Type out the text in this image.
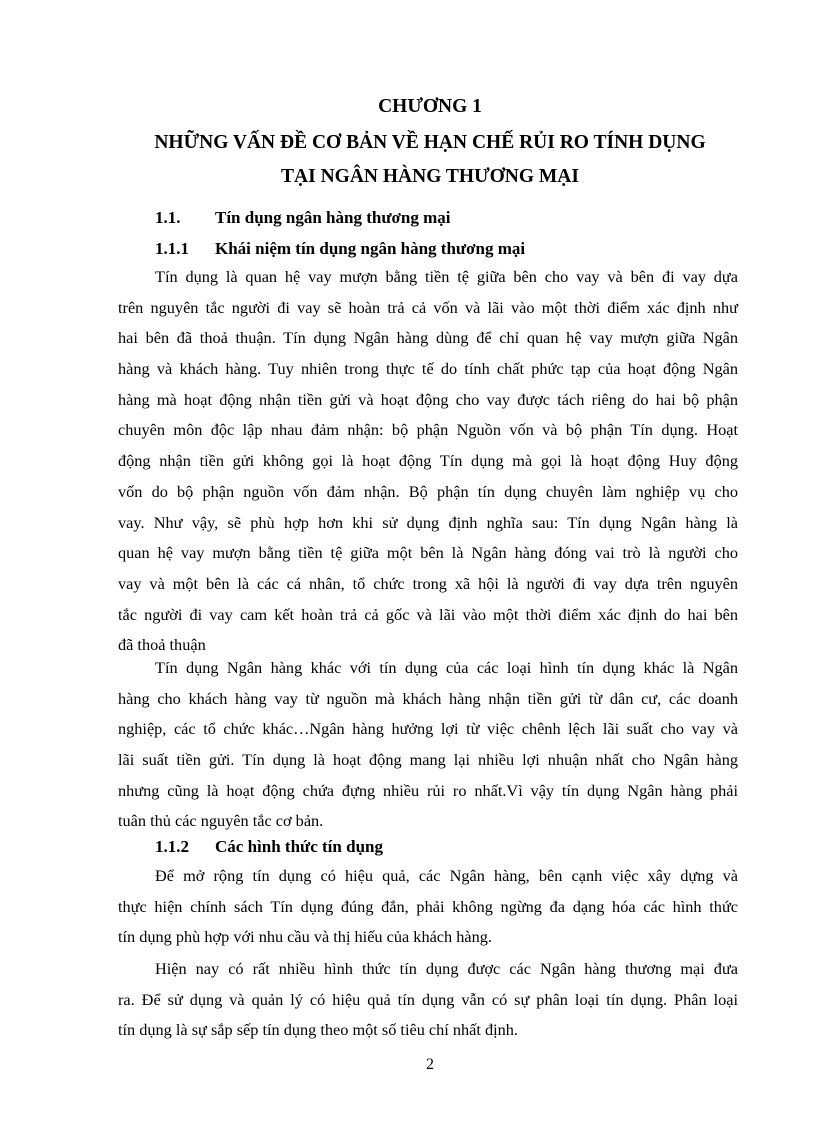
CHƯƠNG 1
NHỮNG VẤN ĐỀ CƠ BẢN VỀ HẠN CHẾ RỦI RO TÍNH DỤNG
TẠI NGÂN HÀNG THƯƠNG MẠI
1.1. Tín dụng ngân hàng thương mại
1.1.1 Khái niệm tín dụng ngân hàng thương mại
Tín dụng là quan hệ vay mượn bằng tiền tệ giữa bên cho vay và bên đi vay dựa
trên nguyên tắc người đi vay sẽ hoàn trả cả vốn và lãi vào một thời điểm xác định như
hai bên đã thoả thuận. Tín dụng Ngân hàng dùng để chỉ quan hệ vay mượn giữa Ngân
hàng và khách hàng. Tuy nhiên trong thực tế do tính chất phức tạp của hoạt động Ngân
hàng mà hoạt động nhận tiền gửi và hoạt động cho vay được tách riêng do hai bộ phận
chuyên môn độc lập nhau đảm nhận: bộ phận Nguồn vốn và bộ phận Tín dụng. Hoạt
động nhận tiền gửi không gọi là hoạt động Tín dụng mà gọi là hoạt động Huy động
vốn do bộ phận nguồn vốn đảm nhận. Bộ phận tín dụng chuyên làm nghiệp vụ cho
vay. Như vậy, sẽ phù hợp hơn khi sử dụng định nghĩa sau: Tín dụng Ngân hàng là
quan hệ vay mượn bằng tiền tệ giữa một bên là Ngân hàng đóng vai trò là người cho
vay và một bên là các cá nhân, tổ chức trong xã hội là người đi vay dựa trên nguyên
tắc người đi vay cam kết hoàn trả cả gốc và lãi vào một thời điểm xác định do hai bên
đã thoả thuận
Tín dụng Ngân hàng khác với tín dụng của các loại hình tín dụng khác là Ngân
hàng cho khách hàng vay từ nguồn mà khách hàng nhận tiền gửi từ dân cư, các doanh
nghiệp, các tổ chức khác…Ngân hàng hưởng lợi từ việc chênh lệch lãi suất cho vay và
lãi suất tiền gửi. Tín dụng là hoạt động mang lại nhiều lợi nhuận nhất cho Ngân hàng
nhưng cũng là hoạt động chứa đựng nhiều rủi ro nhất.Vì vậy tín dụng Ngân hàng phải
tuân thủ các nguyên tắc cơ bản.
1.1.2 Các hình thức tín dụng
Để mở rộng tín dụng có hiệu quả, các Ngân hàng, bên cạnh việc xây dựng và
thực hiện chính sách Tín dụng đúng đắn, phải không ngừng đa dạng hóa các hình thức
tín dụng phù hợp với nhu cầu và thị hiếu của khách hàng.
Hiện nay có rất nhiều hình thức tín dụng được các Ngân hàng thương mại đưa
ra. Để sử dụng và quản lý có hiệu quả tín dụng vẫn có sự phân loại tín dụng. Phân loại
tín dụng là sự sắp sếp tín dụng theo một số tiêu chí nhất định.
2
